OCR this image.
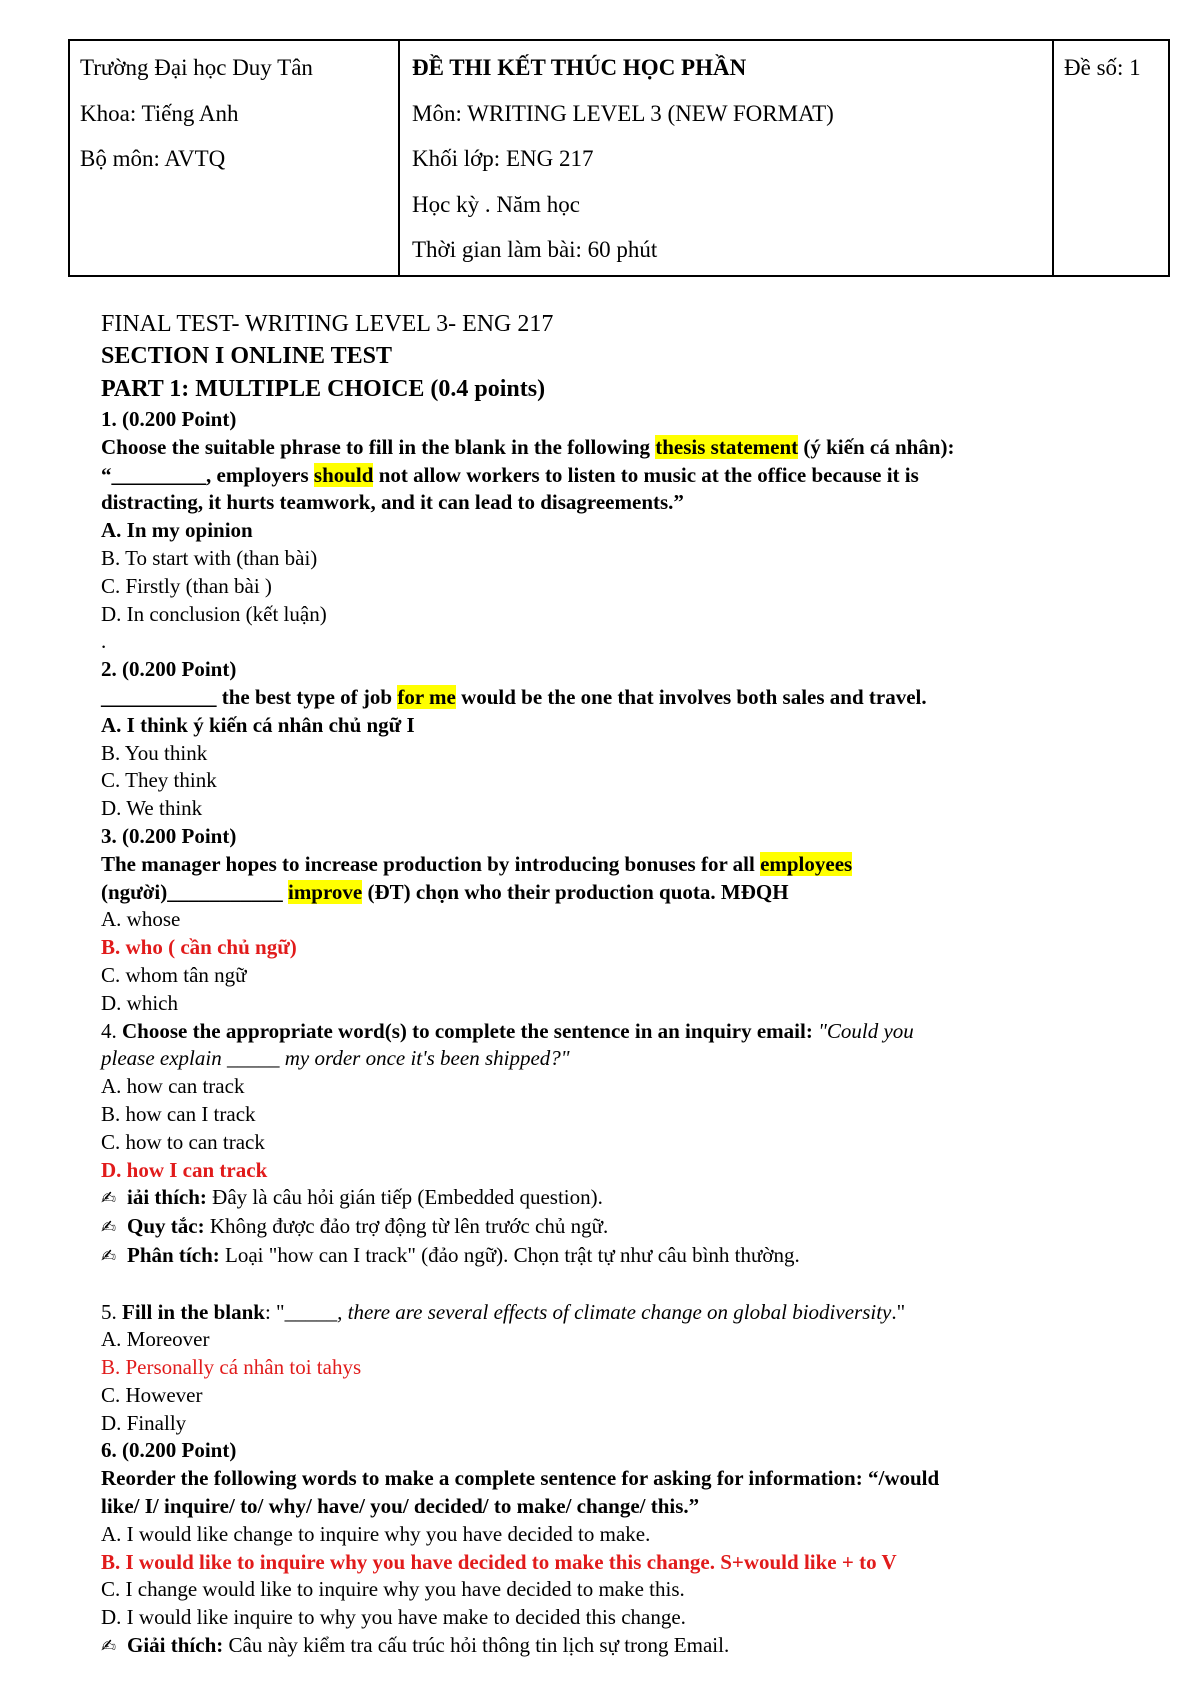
Trường Đại học Duy Tân
Khoa: Tiếng Anh
Bộ môn: AVTQ

ĐỀ THI KẾT THÚC HỌC PHẦN
Môn: WRITING LEVEL 3 (NEW FORMAT)
Khối lớp: ENG 217
Học kỳ . Năm học
Thời gian làm bài: 60 phút

Đề số: 1
FINAL TEST- WRITING LEVEL 3- ENG 217
SECTION I ONLINE TEST
PART 1: MULTIPLE CHOICE (0.4 points)
1. (0.200 Point)
Choose the suitable phrase to fill in the blank in the following thesis statement (ý kiến cá nhân):
“_________, employers should not allow workers to listen to music at the office because it is
distracting, it hurts teamwork, and it can lead to disagreements.”
A. In my opinion
B. To start with (than bài)
C. Firstly (than bài )
D. In conclusion (kết luận)
.
2. (0.200 Point)
___________ the best type of job for me would be the one that involves both sales and travel.
A. I think ý kiến cá nhân chủ ngữ I
B. You think
C. They think
D. We think
3. (0.200 Point)
The manager hopes to increase production by introducing bonuses for all employees
(người)___________ improve (ĐT) chọn who their production quota. MĐQH
A. whose
B. who ( cần chủ ngữ)
C. whom tân ngữ
D. which
4. Choose the appropriate word(s) to complete the sentence in an inquiry email: "Could you
please explain _____ my order once it's been shipped?"
A. how can track
B. how can I track
C. how to can track
D. how I can track
✍ iải thích: Đây là câu hỏi gián tiếp (Embedded question).
✍ Quy tắc: Không được đảo trợ động từ lên trước chủ ngữ.
✍ Phân tích: Loại "how can I track" (đảo ngữ). Chọn trật tự như câu bình thường.
5. Fill in the blank: "_____, there are several effects of climate change on global biodiversity."
A. Moreover
B. Personally cá nhân toi tahys
C. However
D. Finally
6. (0.200 Point)
Reorder the following words to make a complete sentence for asking for information: “/would
like/ I/ inquire/ to/ why/ have/ you/ decided/ to make/ change/ this.”
A. I would like change to inquire why you have decided to make.
B. I would like to inquire why you have decided to make this change. S+would like + to V
C. I change would like to inquire why you have decided to make this.
D. I would like inquire to why you have make to decided this change.
✍ Giải thích: Câu này kiểm tra cấu trúc hỏi thông tin lịch sự trong Email.
